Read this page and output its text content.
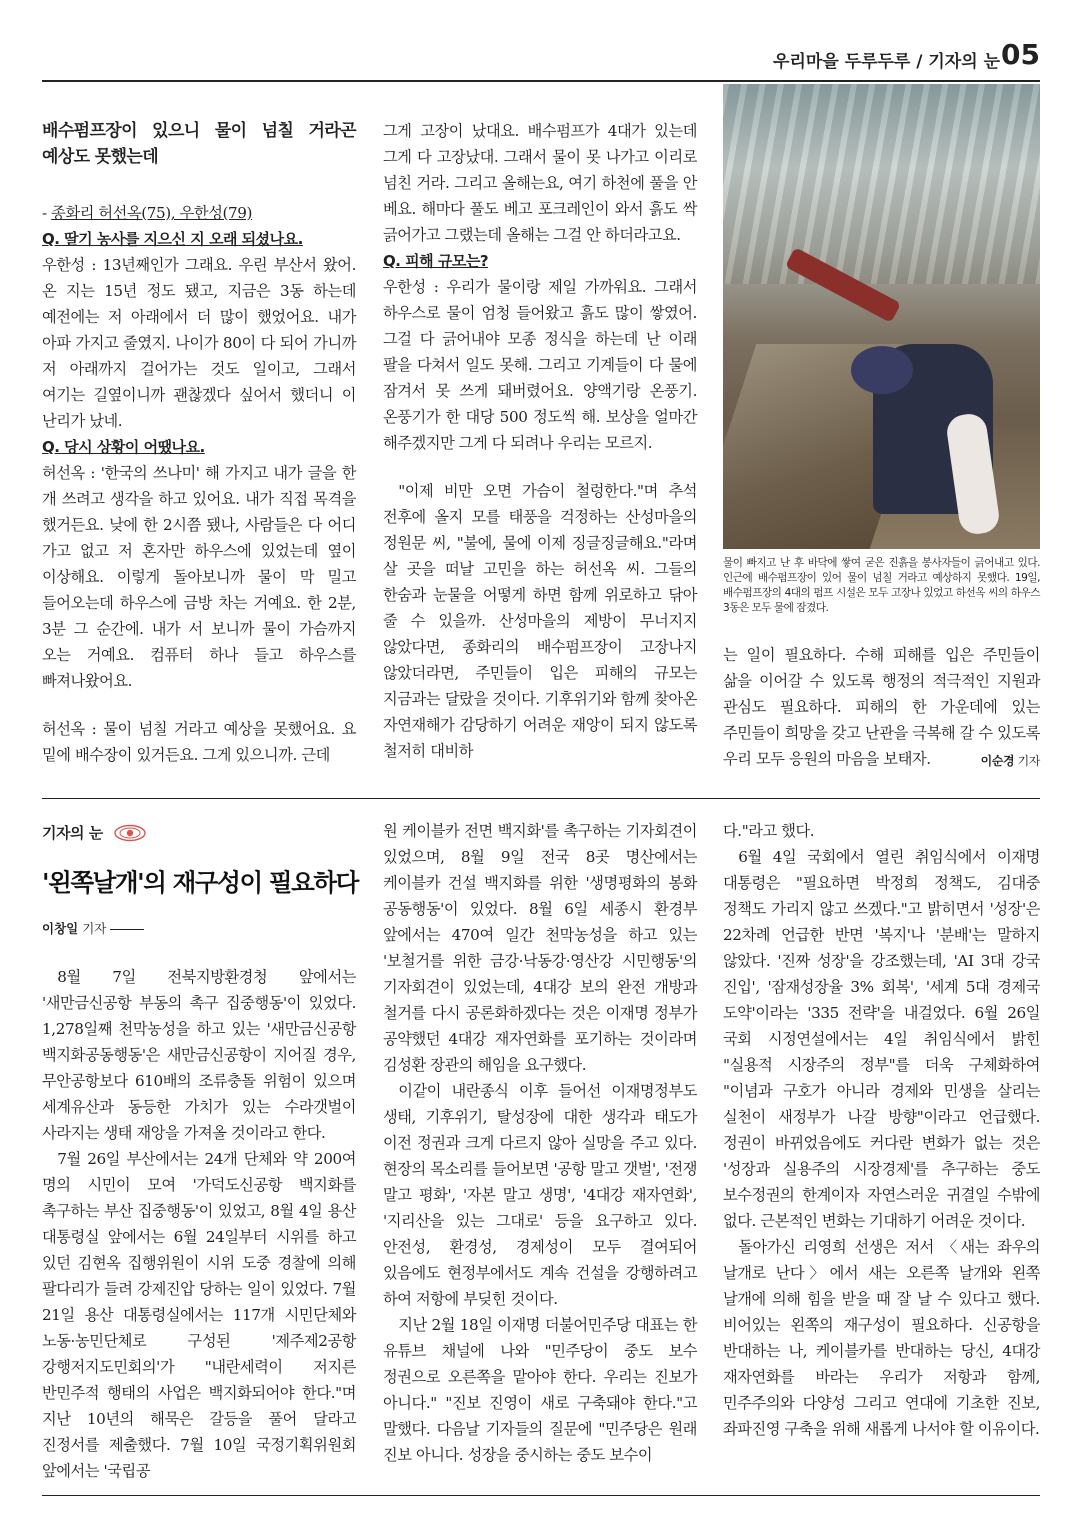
우리마을 두루두루 / 기자의 눈 05

배수펌프장이 있으니 물이 넘칠 거라곤 예상도 못했는데

- 종화리 허선옥(75), 우한성(79)

Q. 딸기 농사를 지으신 지 오래 되셨나요.

우한성 : 13년째인가 그래요. 우린 부산서 왔어. 온 지는 15년 정도 됐고, 지금은 3동 하는데 예전에는 저 아래에서 더 많이 했었어요. 내가 아파 가지고 줄였지. 나이가 80이 다 되어 가니까 저 아래까지 걸어가는 것도 일이고, 그래서 여기는 길옆이니까 괜찮겠다 싶어서 했더니 이 난리가 났네.

Q. 당시 상황이 어땠나요.

허선옥 : '한국의 쓰나미' 해 가지고 내가 글을 한 개 쓰려고 생각을 하고 있어요. 내가 직접 목격을 했거든요. 낮에 한 2시쯤 됐나, 사람들은 다 어디 가고 없고 저 혼자만 하우스에 있었는데 옆이 이상해요. 이렇게 돌아보니까 물이 막 밀고 들어오는데 하우스에 금방 차는 거예요. 한 2분, 3분 그 순간에. 내가 서 보니까 물이 가슴까지 오는 거예요. 컴퓨터 하나 들고 하우스를 빠져나왔어요.

허선옥 : 물이 넘칠 거라고 예상을 못했어요. 요 밑에 배수장이 있거든요. 그게 있으니까. 근데

그게 고장이 났대요. 배수펌프가 4대가 있는데 그게 다 고장났대. 그래서 물이 못 나가고 이리로 넘친 거라. 그리고 올해는요, 여기 하천에 풀을 안 베요. 해마다 풀도 베고 포크레인이 와서 흙도 싹 긁어가고 그랬는데 올해는 그걸 안 하더라고요.

Q. 피해 규모는?

우한성 : 우리가 물이랑 제일 가까워요. 그래서 하우스로 물이 엄청 들어왔고 흙도 많이 쌓였어. 그걸 다 긁어내야 모종 정식을 하는데 난 이래 팔을 다쳐서 일도 못해. 그리고 기계들이 다 물에 잠겨서 못 쓰게 돼버렸어요. 양액기랑 온풍기. 온풍기가 한 대당 500 정도씩 해. 보상을 얼마간 해주겠지만 그게 다 되려나 우리는 모르지.

"이제 비만 오면 가슴이 철렁한다."며 추석 전후에 올지 모를 태풍을 걱정하는 산성마을의 정원문 씨, "불에, 물에 이제 징글징글해요."라며 살 곳을 떠날 고민을 하는 허선옥 씨. 그들의 한숨과 눈물을 어떻게 하면 함께 위로하고 닦아 줄 수 있을까. 산성마을의 제방이 무너지지 않았다면, 종화리의 배수펌프장이 고장나지 않았더라면, 주민들이 입은 피해의 규모는 지금과는 달랐을 것이다. 기후위기와 함께 찾아온 자연재해가 감당하기 어려운 재앙이 되지 않도록 철저히 대비하

물이 빠지고 난 후 바닥에 쌓여 굳은 진흙을 봉사자들이 긁어내고 있다. 인근에 배수펌프장이 있어 물이 넘칠 거라고 예상하지 못했다. 19일, 배수펌프장의 4대의 펌프 시설은 모두 고장나 있었고 하선옥 씨의 하우스 3동은 모두 물에 잠겼다.

는 일이 필요하다. 수해 피해를 입은 주민들이 삶을 이어갈 수 있도록 행정의 적극적인 지원과 관심도 필요하다. 피해의 한 가운데에 있는 주민들이 희망을 갖고 난관을 극복해 갈 수 있도록 우리 모두 응원의 마음을 보태자.	이순경 기자

기자의 눈
'왼쪽날개'의 재구성이 필요하다
이창일 기자

8월 7일 전북지방환경청 앞에서는 '새만금신공항 부동의 촉구 집중행동'이 있었다. 1,278일째 천막농성을 하고 있는 '새만금신공항 백지화공동행동'은 새만금신공항이 지어질 경우, 무안공항보다 610배의 조류충돌 위험이 있으며 세계유산과 동등한 가치가 있는 수라갯벌이 사라지는 생태 재앙을 가져올 것이라고 한다.

7월 26일 부산에서는 24개 단체와 약 200여 명의 시민이 모여 '가덕도신공항 백지화를 촉구하는 부산 집중행동'이 있었고, 8월 4일 용산 대통령실 앞에서는 6월 24일부터 시위를 하고 있던 김현옥 집행위원이 시위 도중 경찰에 의해 팔다리가 들려 강제진압 당하는 일이 있었다. 7월 21일 용산 대통령실에서는 117개 시민단체와 노동·농민단체로 구성된 '제주제2공항 강행저지도민회의'가 "내란세력이 저지른 반민주적 행태의 사업은 백지화되어야 한다."며 지난 10년의 해묵은 갈등을 풀어 달라고 진정서를 제출했다. 7월 10일 국정기획위원회 앞에서는 '국립공

원 케이블카 전면 백지화'를 촉구하는 기자회견이 있었으며, 8월 9일 전국 8곳 명산에서는 케이블카 건설 백지화를 위한 '생명평화의 봉화 공동행동'이 있었다. 8월 6일 세종시 환경부 앞에서는 470여 일간 천막농성을 하고 있는 '보철거를 위한 금강·낙동강·영산강 시민행동'의 기자회견이 있었는데, 4대강 보의 완전 개방과 철거를 다시 공론화하겠다는 것은 이재명 정부가 공약했던 4대강 재자연화를 포기하는 것이라며 김성환 장관의 해임을 요구했다.

이같이 내란종식 이후 들어선 이재명정부도 생태, 기후위기, 탈성장에 대한 생각과 태도가 이전 정권과 크게 다르지 않아 실망을 주고 있다. 현장의 목소리를 들어보면 '공항 말고 갯벌', '전쟁 말고 평화', '자본 말고 생명', '4대강 재자연화', '지리산을 있는 그대로' 등을 요구하고 있다. 안전성, 환경성, 경제성이 모두 결여되어 있음에도 현정부에서도 계속 건설을 강행하려고 하여 저항에 부딪힌 것이다.

지난 2월 18일 이재명 더불어민주당 대표는 한 유튜브 채널에 나와 "민주당이 중도 보수 정권으로 오른쪽을 맡아야 한다. 우리는 진보가 아니다." "진보 진영이 새로 구축돼야 한다."고 말했다. 다음날 기자들의 질문에 "민주당은 원래 진보 아니다. 성장을 중시하는 중도 보수이

다."라고 했다.

6월 4일 국회에서 열린 취임식에서 이재명 대통령은 "필요하면 박정희 정책도, 김대중 정책도 가리지 않고 쓰겠다."고 밝히면서 '성장'은 22차례 언급한 반면 '복지'나 '분배'는 말하지 않았다. '진짜 성장'을 강조했는데, 'AI 3대 강국 진입', '잠재성장율 3% 회복', '세계 5대 경제국 도약'이라는 '335 전략'을 내걸었다. 6월 26일 국회 시정연설에서는 4일 취임식에서 밝힌 "실용적 시장주의 정부"를 더욱 구체화하여 "이념과 구호가 아니라 경제와 민생을 살리는 실천이 새정부가 나갈 방향"이라고 언급했다. 정권이 바뀌었음에도 커다란 변화가 없는 것은 '성장과 실용주의 시장경제'를 추구하는 중도 보수정권의 한계이자 자연스러운 귀결일 수밖에 없다. 근본적인 변화는 기대하기 어려운 것이다.

돌아가신 리영희 선생은 저서 〈새는 좌우의 날개로 난다〉에서 새는 오른쪽 날개와 왼쪽 날개에 의해 힘을 받을 때 잘 날 수 있다고 했다. 비어있는 왼쪽의 재구성이 필요하다. 신공항을 반대하는 나, 케이블카를 반대하는 당신, 4대강 재자연화를 바라는 우리가 저항과 함께, 민주주의와 다양성 그리고 연대에 기초한 진보, 좌파진영 구축을 위해 새롭게 나서야 할 이유이다.
